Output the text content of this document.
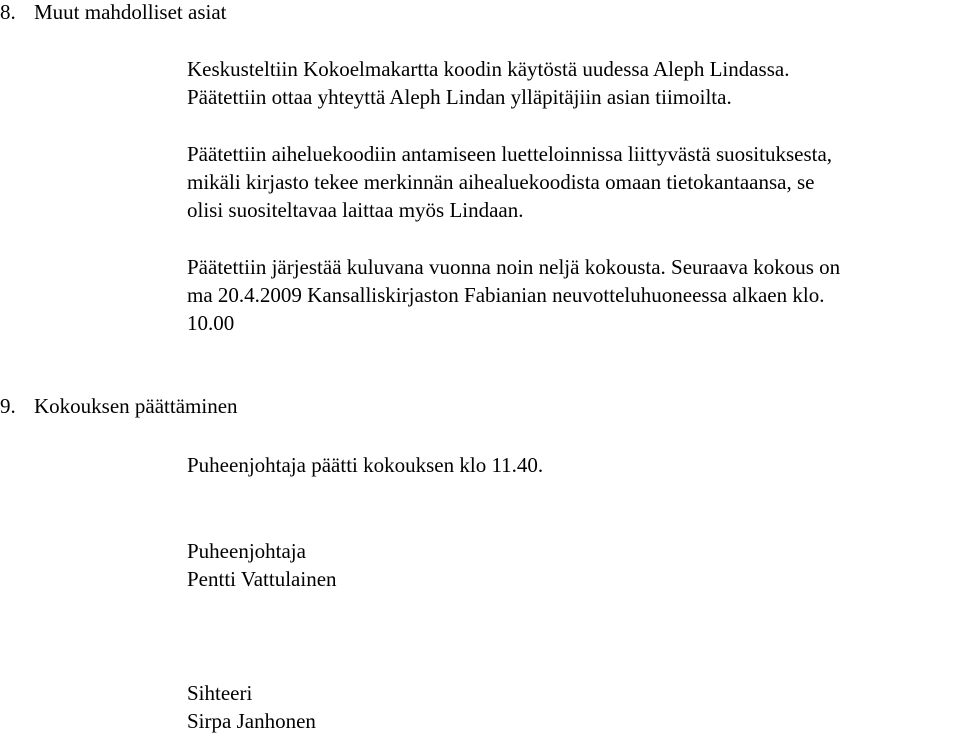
8. Muut mahdolliset asiat
Keskusteltiin Kokoelmakartta koodin käytöstä uudessa Aleph Lindassa.
Päätettiin ottaa yhteyttä Aleph Lindan ylläpitäjiin asian tiimoilta.
Päätettiin aiheluekoodiin antamiseen luetteloinnissa liittyvästä suosituksesta,
mikäli kirjasto tekee merkinnän aihealuekoodista omaan tietokantaansa, se
olisi suositeltavaa laittaa myös Lindaan.
Päätettiin järjestää kuluvana vuonna noin neljä kokousta. Seuraava kokous on
ma 20.4.2009 Kansalliskirjaston Fabianian neuvotteluhuoneessa alkaen klo.
10.00
9. Kokouksen päättäminen
Puheenjohtaja päätti kokouksen klo 11.40.
Puheenjohtaja
Pentti Vattulainen
Sihteeri
Sirpa Janhonen
